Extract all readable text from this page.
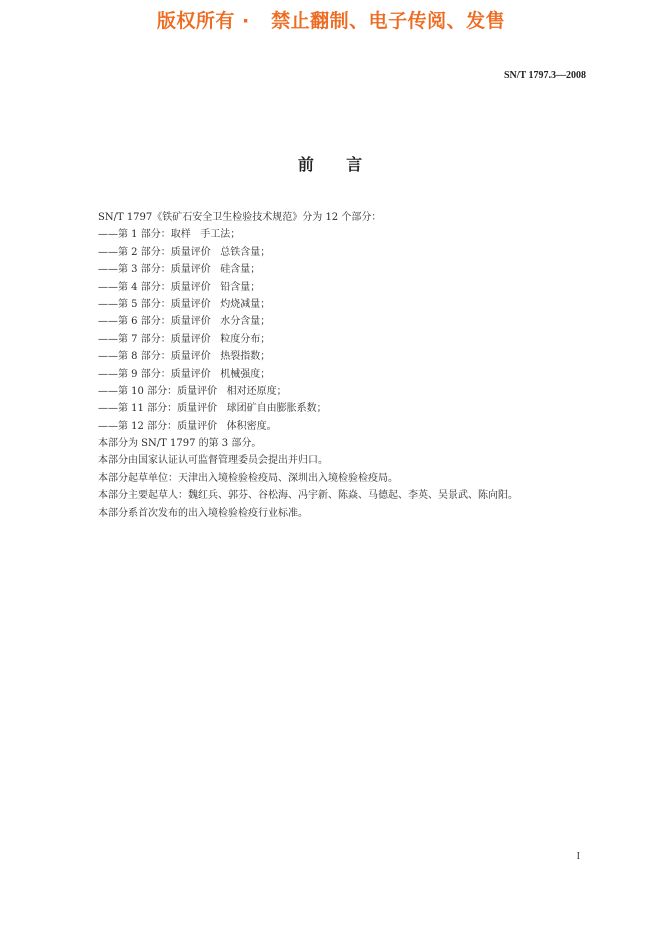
版权所有 ·   禁止翻制、电子传阅、发售
SN/T 1797.3—2008
前    言
SN/T 1797《铁矿石安全卫生检验技术规范》分为 12 个部分：
——第 1 部分：取样   手工法；
——第 2 部分：质量评价   总铁含量；
——第 3 部分：质量评价   硅含量；
——第 4 部分：质量评价   铅含量；
——第 5 部分：质量评价   灼烧减量；
——第 6 部分：质量评价   水分含量；
——第 7 部分：质量评价   粒度分布；
——第 8 部分：质量评价   热裂指数；
——第 9 部分：质量评价   机械强度；
——第 10 部分：质量评价   相对还原度；
——第 11 部分：质量评价   球团矿自由膨胀系数；
——第 12 部分：质量评价   体积密度。
本部分为 SN/T 1797 的第 3 部分。
本部分由国家认证认可监督管理委员会提出并归口。
本部分起草单位：天津出入境检验检疫局、深圳出入境检验检疫局。
本部分主要起草人：魏红兵、郭芬、谷松海、冯宇新、陈焱、马德起、李英、吴景武、陈向阳。
本部分系首次发布的出入境检验检疫行业标准。
I
